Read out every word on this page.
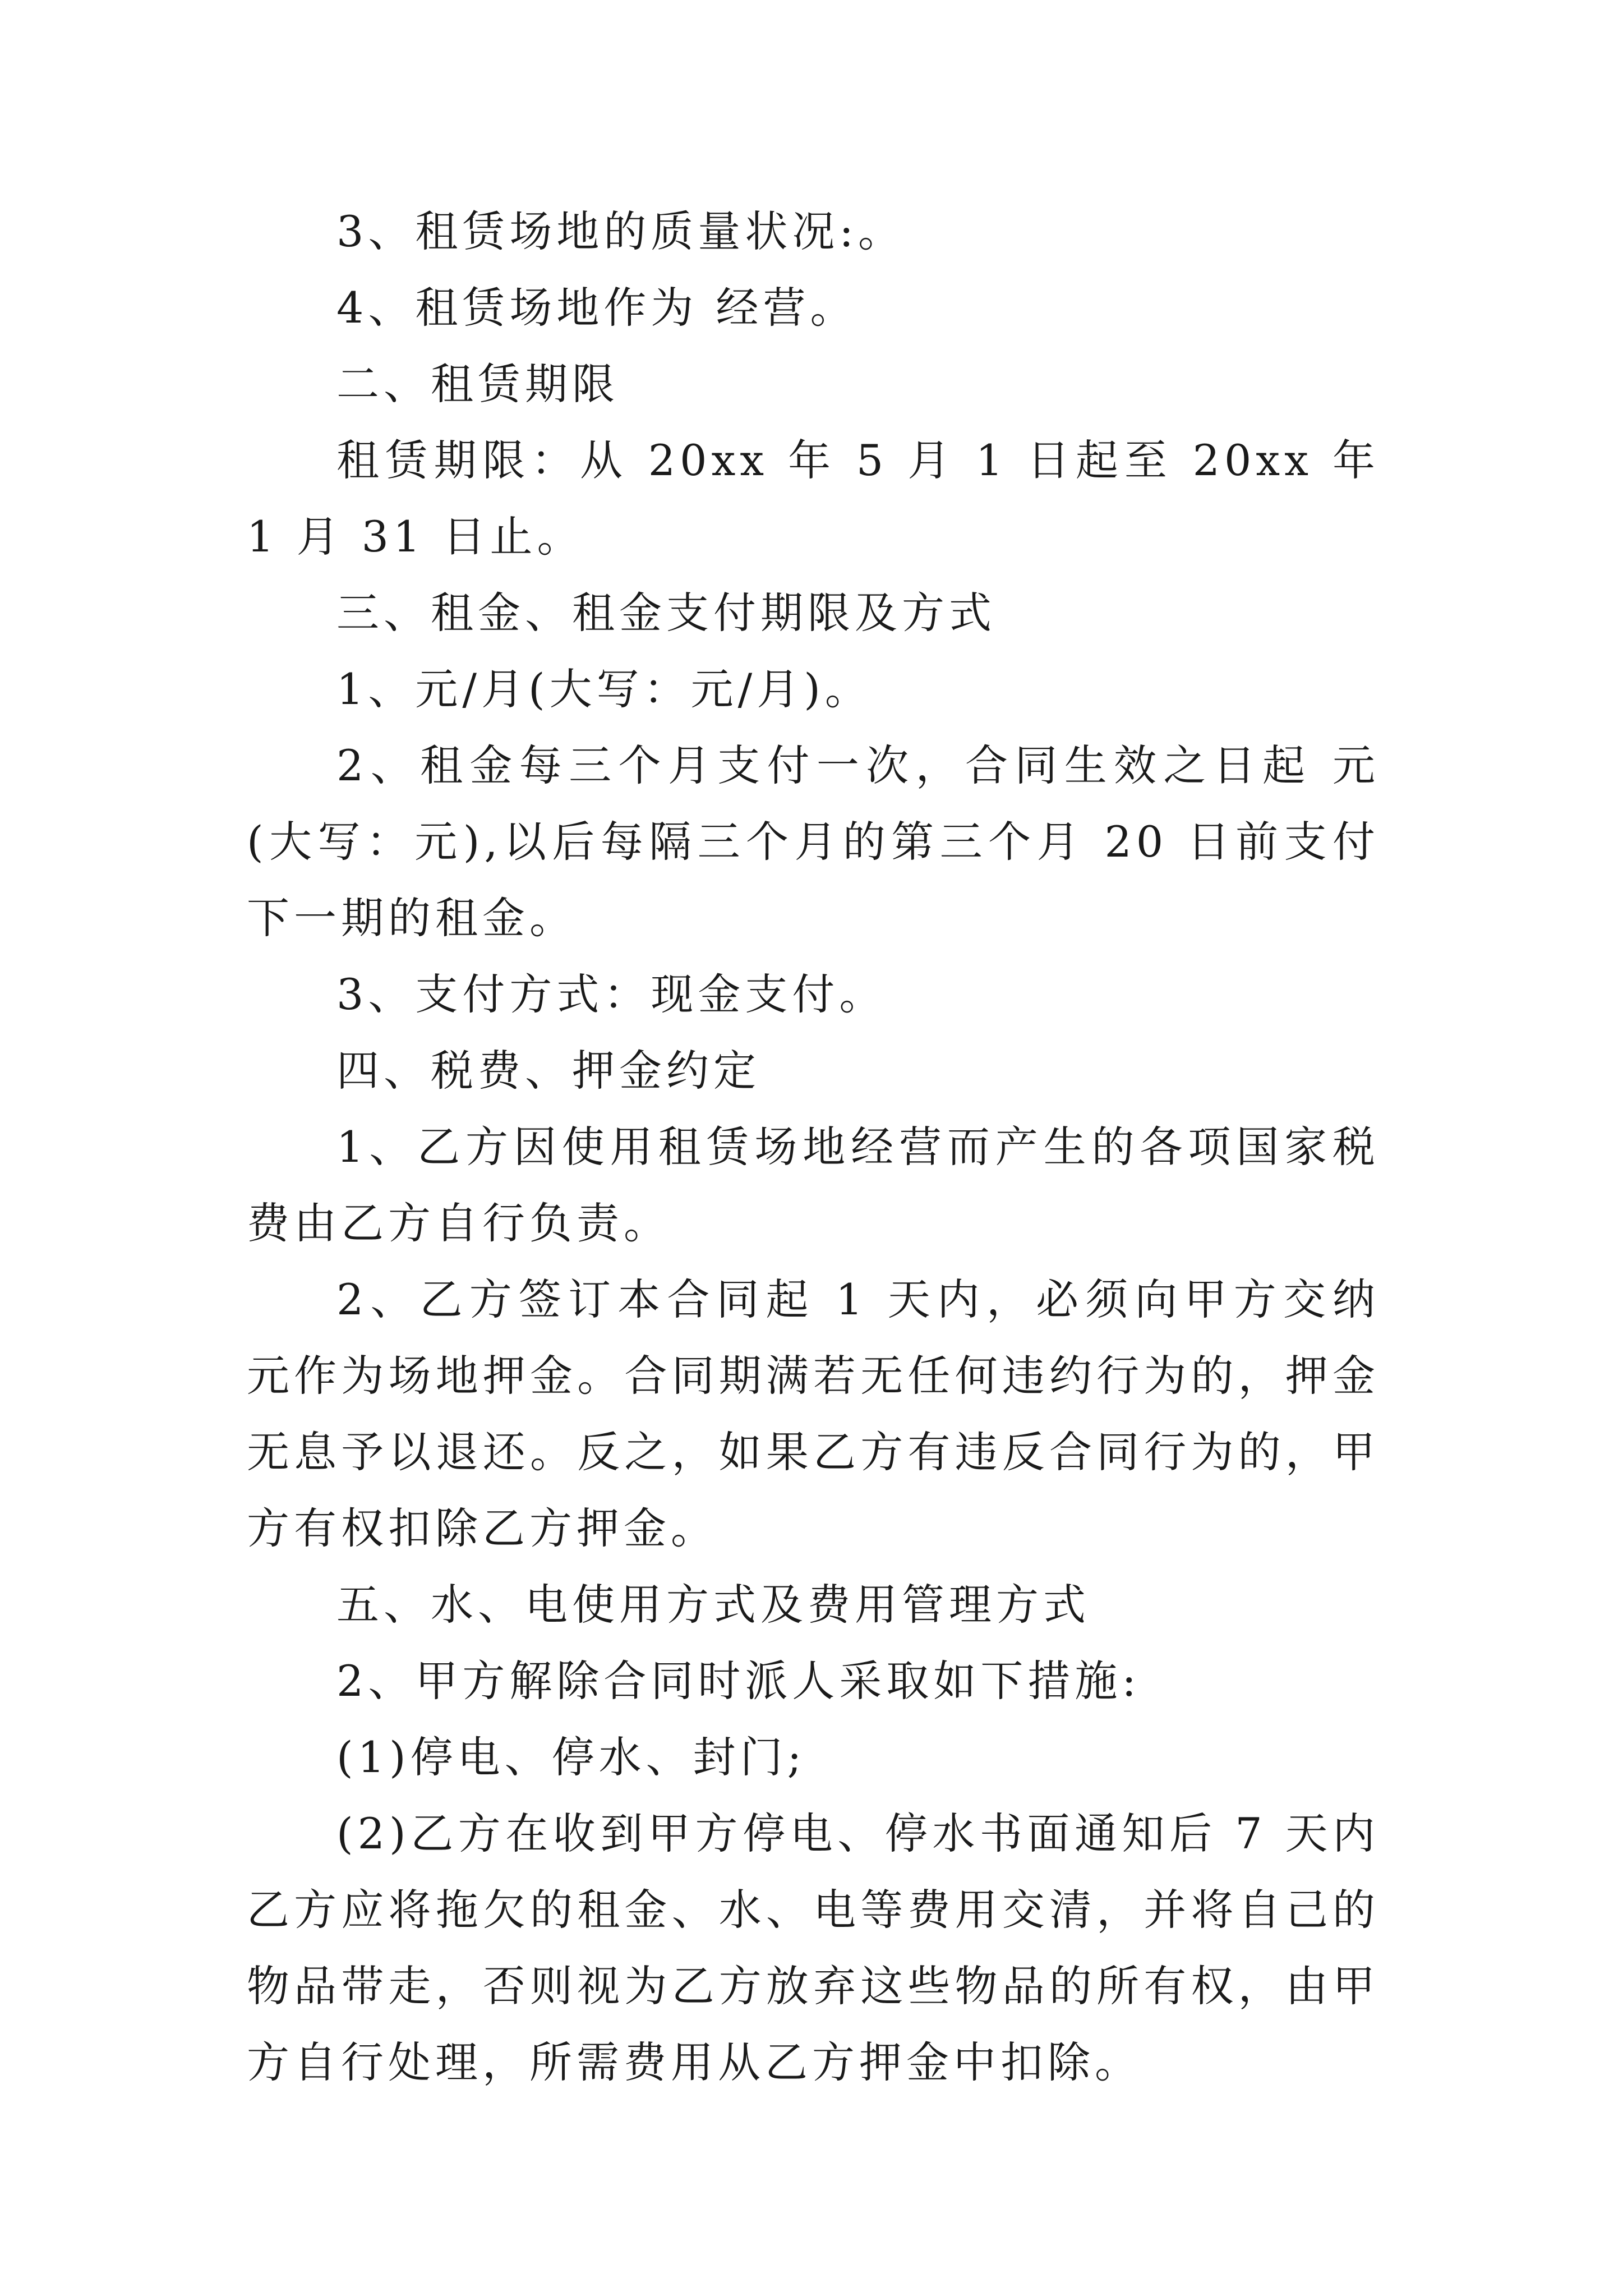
3、租赁场地的质量状况:。

4、租赁场地作为 经营。

二、租赁期限

租赁期限：从 20xx 年 5 月 1 日起至 20xx 年 1 月 31 日止。

三、租金、租金支付期限及方式

1、元/月(大写：元/月)。

2、租金每三个月支付一次，合同生效之日起 元(大写：元),以后每隔三个月的第三个月 20 日前支付下一期的租金。

3、支付方式：现金支付。

四、税费、押金约定

1、乙方因使用租赁场地经营而产生的各项国家税费由乙方自行负责。

2、乙方签订本合同起 1 天内，必须向甲方交纳 元作为场地押金。合同期满若无任何违约行为的，押金无息予以退还。反之，如果乙方有违反合同行为的，甲方有权扣除乙方押金。

五、水、电使用方式及费用管理方式

2、甲方解除合同时派人采取如下措施:

(1)停电、停水、封门;

(2)乙方在收到甲方停电、停水书面通知后 7 天内乙方应将拖欠的租金、水、电等费用交清，并将自己的物品带走，否则视为乙方放弃这些物品的所有权，由甲方自行处理，所需费用从乙方押金中扣除。
